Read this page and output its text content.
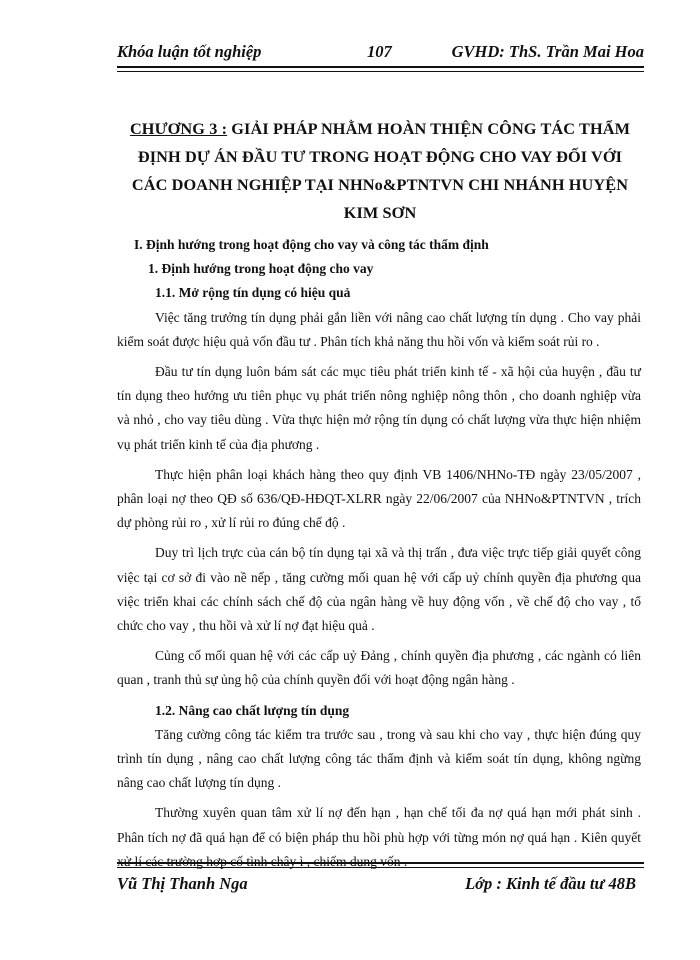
Khóa luận tốt nghiệp	107	GVHD: ThS. Trần Mai Hoa
CHƯƠNG 3 : GIẢI PHÁP NHẰM HOÀN THIỆN CÔNG TÁC THẨM ĐỊNH DỰ ÁN ĐẦU TƯ TRONG HOẠT ĐỘNG CHO VAY ĐỐI VỚI CÁC DOANH NGHIỆP TẠI NHNo&PTNTVN CHI NHÁNH HUYỆN KIM SƠN

I. Định hướng trong hoạt động cho vay và công tác thẩm định

1. Định hướng trong hoạt động cho vay

1.1. Mở rộng tín dụng có hiệu quả

Việc tăng trưởng tín dụng phải gắn liền với nâng cao chất lượng tín dụng . Cho vay phải kiểm soát được hiệu quả vốn đầu tư . Phân tích khả năng thu hồi vốn và kiểm soát rủi ro .

Đầu tư tín dụng luôn bám sát các mục tiêu phát triển kinh tế - xã hội của huyện , đầu tư tín dụng theo hướng ưu tiên phục vụ phát triển nông nghiệp nông thôn , cho doanh nghiệp vừa và nhỏ , cho vay tiêu dùng . Vừa thực hiện mở rộng tín dụng có chất lượng vừa thực hiện nhiệm vụ phát triển kinh tế của địa phương .

Thực hiện phân loại khách hàng theo quy định VB 1406/NHNo-TĐ ngày 23/05/2007 , phân loại nợ theo QĐ số 636/QĐ-HĐQT-XLRR ngày 22/06/2007 của NHNo&PTNTVN , trích dự phòng rủi ro , xử lí rủi ro đúng chế độ .

Duy trì lịch trực của cán bộ tín dụng tại xã và thị trấn , đưa việc trực tiếp giải quyết công việc tại cơ sở đi vào nề nếp , tăng cường mối quan hệ với cấp uỷ chính quyền địa phương qua việc triển khai các chính sách chế độ của ngân hàng về huy động vốn , về chế độ cho vay , tổ chức cho vay , thu hồi và xử lí nợ đạt hiệu quả .

Củng cố mối quan hệ với các cấp uỷ Đảng , chính quyền địa phương , các ngành có liên quan , tranh thủ sự ủng hộ của chính quyền đối với hoạt động ngân hàng .

1.2. Nâng cao chất lượng tín dụng

Tăng cường công tác kiểm tra trước sau , trong và sau khi cho vay , thực hiện đúng quy trình tín dụng , nâng cao chất lượng công tác thẩm định và kiểm soát tín dụng, không ngừng nâng cao chất lượng tín dụng .

Thường xuyên quan tâm xử lí nợ đến hạn , hạn chế tối đa nợ quá hạn mới phát sinh . Phân tích nợ đã quá hạn để có biện pháp thu hồi phù hợp với từng món nợ quá hạn . Kiên quyết xử lí các trường hợp cố tình chây ì , chiếm dụng vốn .

Vũ Thị Thanh Nga	Lớp : Kinh tế đầu tư 48B
